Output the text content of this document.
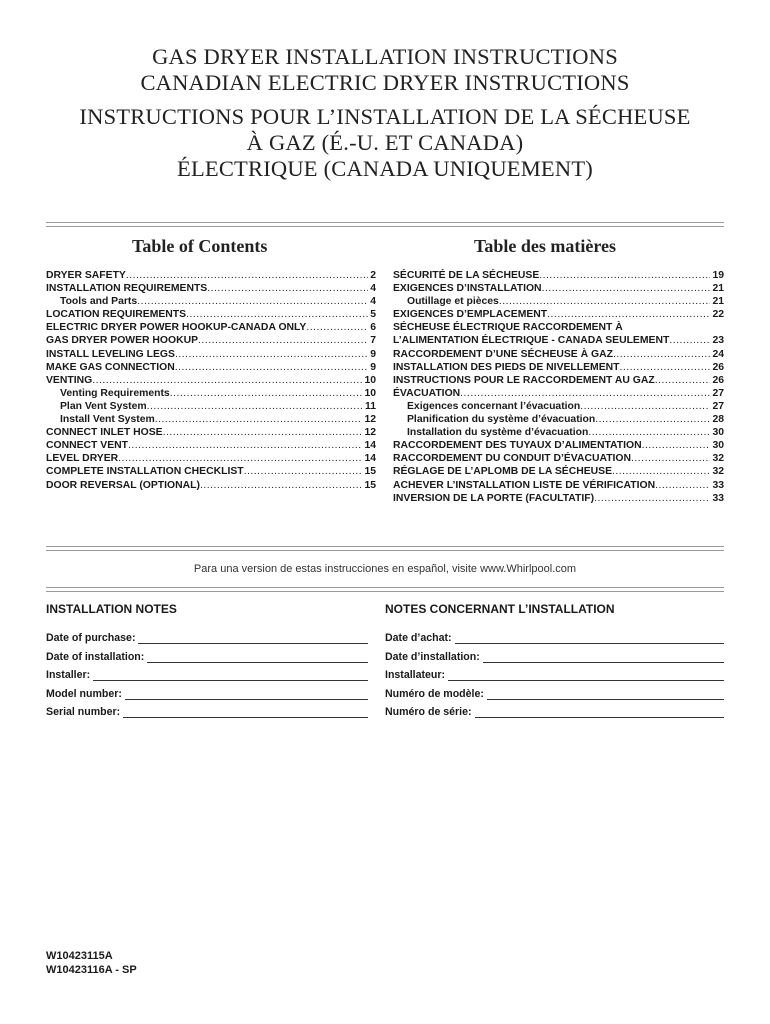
GAS DRYER INSTALLATION INSTRUCTIONS
CANADIAN ELECTRIC DRYER INSTRUCTIONS
INSTRUCTIONS POUR L’INSTALLATION DE LA SÉCHEUSE
À GAZ (É.-U. ET CANADA)
ÉLECTRIQUE (CANADA UNIQUEMENT)
Table of Contents	Table des matières
DRYER SAFETY .....	2
INSTALLATION REQUIREMENTS .....	4
Tools and Parts .....	4
LOCATION REQUIREMENTS .....	5
ELECTRIC DRYER POWER HOOKUP-CANADA ONLY .....	6
GAS DRYER POWER HOOKUP .....	7
INSTALL LEVELING LEGS .....	9
MAKE GAS CONNECTION .....	9
VENTING .....	10
Venting Requirements .....	10
Plan Vent System .....	11
Install Vent System .....	12
CONNECT INLET HOSE .....	12
CONNECT VENT .....	14
LEVEL DRYER .....	14
COMPLETE INSTALLATION CHECKLIST .....	15
DOOR REVERSAL (OPTIONAL) .....	15
SÉCURITÉ DE LA SÉCHEUSE .....	19
EXIGENCES D’INSTALLATION .....	21
Outillage et pièces .....	21
EXIGENCES D’EMPLACEMENT .....	22
SÉCHEUSE ÉLECTRIQUE RACCORDEMENT À
L’ALIMENTATION ÉLECTRIQUE - CANADA SEULEMENT .....	23
RACCORDEMENT D’UNE SÉCHEUSE À GAZ .....	24
INSTALLATION DES PIEDS DE NIVELLEMENT .....	26
INSTRUCTIONS POUR LE RACCORDEMENT AU GAZ .....	26
ÉVACUATION .....	27
Exigences concernant l’évacuation .....	27
Planification du système d’évacuation .....	28
Installation du système d’évacuation .....	30
RACCORDEMENT DES TUYAUX D’ALIMENTATION .....	30
RACCORDEMENT DU CONDUIT D’ÉVACUATION .....	32
RÉGLAGE DE L’APLOMB DE LA SÉCHEUSE .....	32
ACHEVER L’INSTALLATION LISTE DE VÉRIFICATION .....	33
INVERSION DE LA PORTE (FACULTATIF) .....	33
Para una version de estas instrucciones en español, visite www.Whirlpool.com
INSTALLATION NOTES	NOTES CONCERNANT L’INSTALLATION
Date of purchase:
Date of installation:
Installer:
Model number:
Serial number:
Date d’achat:
Date d’installation:
Installateur:
Numéro de modèle:
Numéro de série:
W10423115A
W10423116A - SP
